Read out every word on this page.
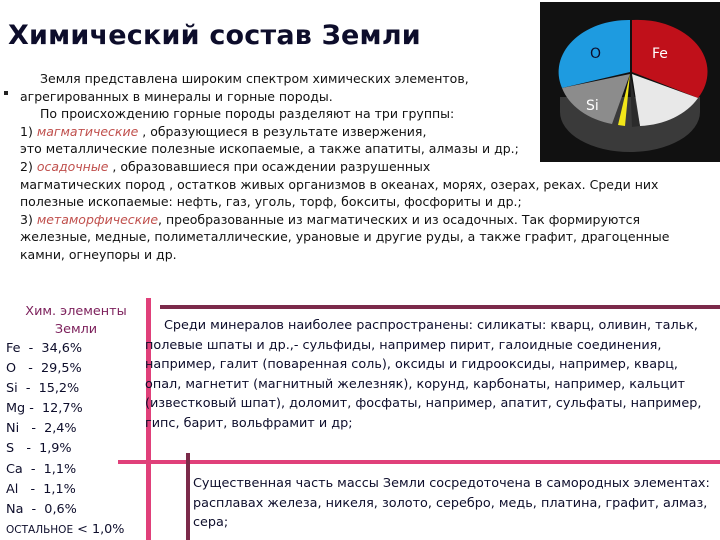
Химический состав Земли
O	Fe
Si

Земля представлена широким спектром химических элементов,

агрегированных в минералы и горные породы.

По происхождению горные породы разделяют на три группы:

1) магматические , образующиеся в результате извержения,

это металлические полезные ископаемые, а также апатиты, алмазы и др.;

2) осадочные , образовавшиеся при осаждении разрушенных

магматических пород , остатков живых организмов в океанах, морях, озерах, реках. Среди них полезные ископаемые: нефть, газ, уголь, торф, бокситы, фосфориты и др.;

3) метаморфические, преобразованные из магматических и из осадочных. Так формируются железные, медные, полиметаллические, урановые и другие руды, а также графит, драгоценные камни, огнеупоры и др.

Хим. элементы Земли
Fe  -  34,6%
O   -  29,5%
Si  -  15,2%
Mg -  12,7%
Ni   -  2,4%
S   -  1,9%
Ca  -  1,1%
Al   -  1,1%
Na  -  0,6%
ОСТАЛЬНОЕ < 1,0%

Среди минералов наиболее распространены: силикаты: кварц, оливин, тальк, полевые шпаты и др.,- сульфиды, например пирит, галоидные соединения, например, галит (поваренная соль), оксиды и гидрооксиды, например, кварц, опал, магнетит (магнитный железняк), корунд, карбонаты, например, кальцит (известковый шпат), доломит, фосфаты, например, апатит, сульфаты, например, гипс, барит, вольфрамит и др;

Существенная часть массы Земли сосредоточена в самородных элементах: расплавах железа, никеля, золото, серебро, медь, платина, графит, алмаз, сера;
